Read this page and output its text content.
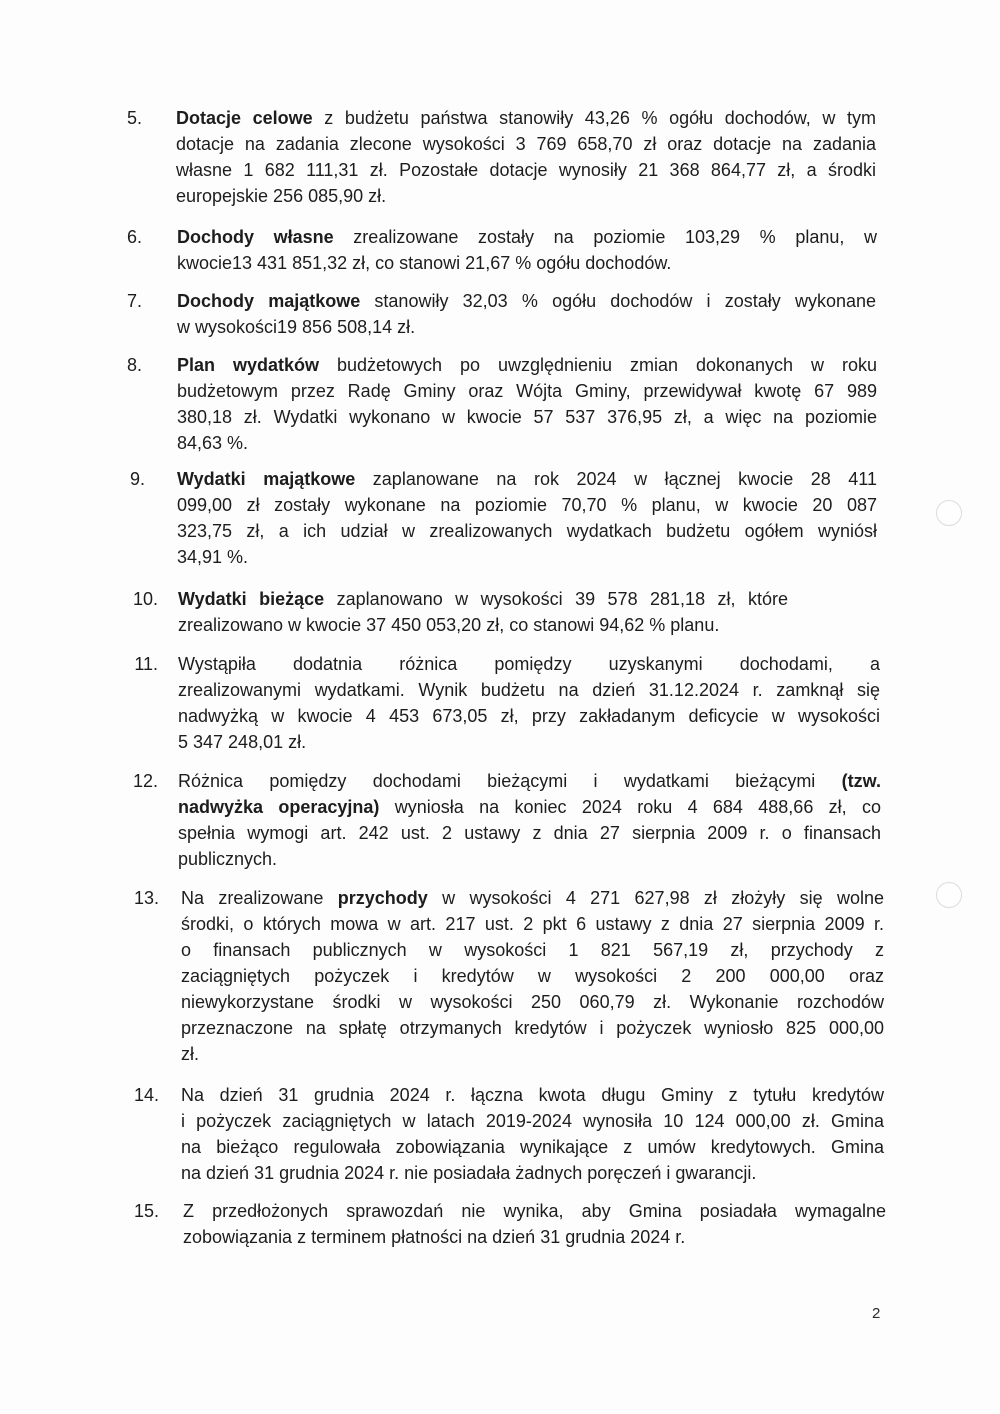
5. Dotacje celowe z budżetu państwa stanowiły 43,26 % ogółu dochodów, w tym
dotacje na zadania zlecone wysokości 3 769 658,70 zł oraz dotacje na zadania
własne 1 682 111,31 zł. Pozostałe dotacje wynosiły 21 368 864,77 zł, a środki
europejskie 256 085,90 zł.
6. Dochody własne zrealizowane zostały na poziomie 103,29 % planu, w
kwocie13 431 851,32 zł, co stanowi 21,67 % ogółu dochodów.
7. Dochody majątkowe stanowiły 32,03 % ogółu dochodów i zostały wykonane
w wysokości19 856 508,14 zł.
8. Plan wydatków budżetowych po uwzględnieniu zmian dokonanych w roku
budżetowym przez Radę Gminy oraz Wójta Gminy, przewidywał kwotę 67 989
380,18 zł. Wydatki wykonano w kwocie 57 537 376,95 zł, a więc na poziomie
84,63 %.
9. Wydatki majątkowe zaplanowane na rok 2024 w łącznej kwocie 28 411
099,00 zł zostały wykonane na poziomie 70,70 % planu, w kwocie 20 087
323,75 zł, a ich udział w zrealizowanych wydatkach budżetu ogółem wyniósł
34,91 %.
10. Wydatki bieżące zaplanowano w wysokości 39 578 281,18 zł, które
zrealizowano w kwocie 37 450 053,20 zł, co stanowi 94,62 % planu.
11. Wystąpiła dodatnia różnica pomiędzy uzyskanymi dochodami, a
zrealizowanymi wydatkami. Wynik budżetu na dzień 31.12.2024 r. zamknął się
nadwyżką w kwocie 4 453 673,05 zł, przy zakładanym deficycie w wysokości
5 347 248,01 zł.
12. Różnica pomiędzy dochodami bieżącymi i wydatkami bieżącymi (tzw.
nadwyżka operacyjna) wyniosła na koniec 2024 roku 4 684 488,66 zł, co
spełnia wymogi art. 242 ust. 2 ustawy z dnia 27 sierpnia 2009 r. o finansach
publicznych.
13. Na zrealizowane przychody w wysokości 4 271 627,98 zł złożyły się wolne
środki, o których mowa w art. 217 ust. 2 pkt 6 ustawy z dnia 27 sierpnia 2009 r.
o finansach publicznych w wysokości 1 821 567,19 zł, przychody z
zaciągniętych pożyczek i kredytów w wysokości 2 200 000,00 oraz
niewykorzystane środki w wysokości 250 060,79 zł. Wykonanie rozchodów
przeznaczone na spłatę otrzymanych kredytów i pożyczek wyniosło 825 000,00
zł.
14. Na dzień 31 grudnia 2024 r. łączna kwota długu Gminy z tytułu kredytów
i pożyczek zaciągniętych w latach 2019-2024 wynosiła 10 124 000,00 zł. Gmina
na bieżąco regulowała zobowiązania wynikające z umów kredytowych. Gmina
na dzień 31 grudnia 2024 r. nie posiadała żadnych poręczeń i gwarancji.
15. Z przedłożonych sprawozdań nie wynika, aby Gmina posiadała wymagalne
zobowiązania z terminem płatności na dzień 31 grudnia 2024 r.
2
